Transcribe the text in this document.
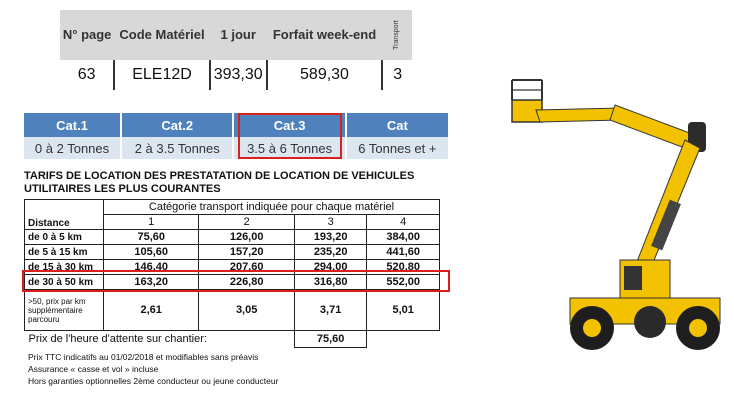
N° page	Code Matériel	1 jour	Forfait week-end	Transport
63	ELE12D	393,30	589,30	3
Cat.1	Cat.2	Cat.3	Cat
0 à 2 Tonnes	2 à 3.5 Tonnes	3.5 à 6 Tonnes	6 Tonnes et +
TARIFS DE LOCATION DES PRESTATATION DE LOCATION DE VEHICULES UTILITAIRES LES PLUS COURANTES
Distance	Catégorie transport indiquée pour chaque matériel			
	1	2	3	4
de 0 à 5 km	75,60	126,00	193,20	384,00
de 5 à 15 km	105,60	157,20	235,20	441,60
de 15 à 30 km	146,40	207,60	294,00	520,80
de 30 à 50 km	163,20	226,80	316,80	552,00
>50, prix par km supplémentaire parcouru	2,61	3,05	3,71	5,01
Prix de l'heure d'attente sur chantier:			75,60	
Prix TTC indicatifs au 01/02/2018 et modifiables sans préavis
Assurance « casse et vol » incluse
Hors garanties optionnelles 2ème conducteur ou jeune conducteur
